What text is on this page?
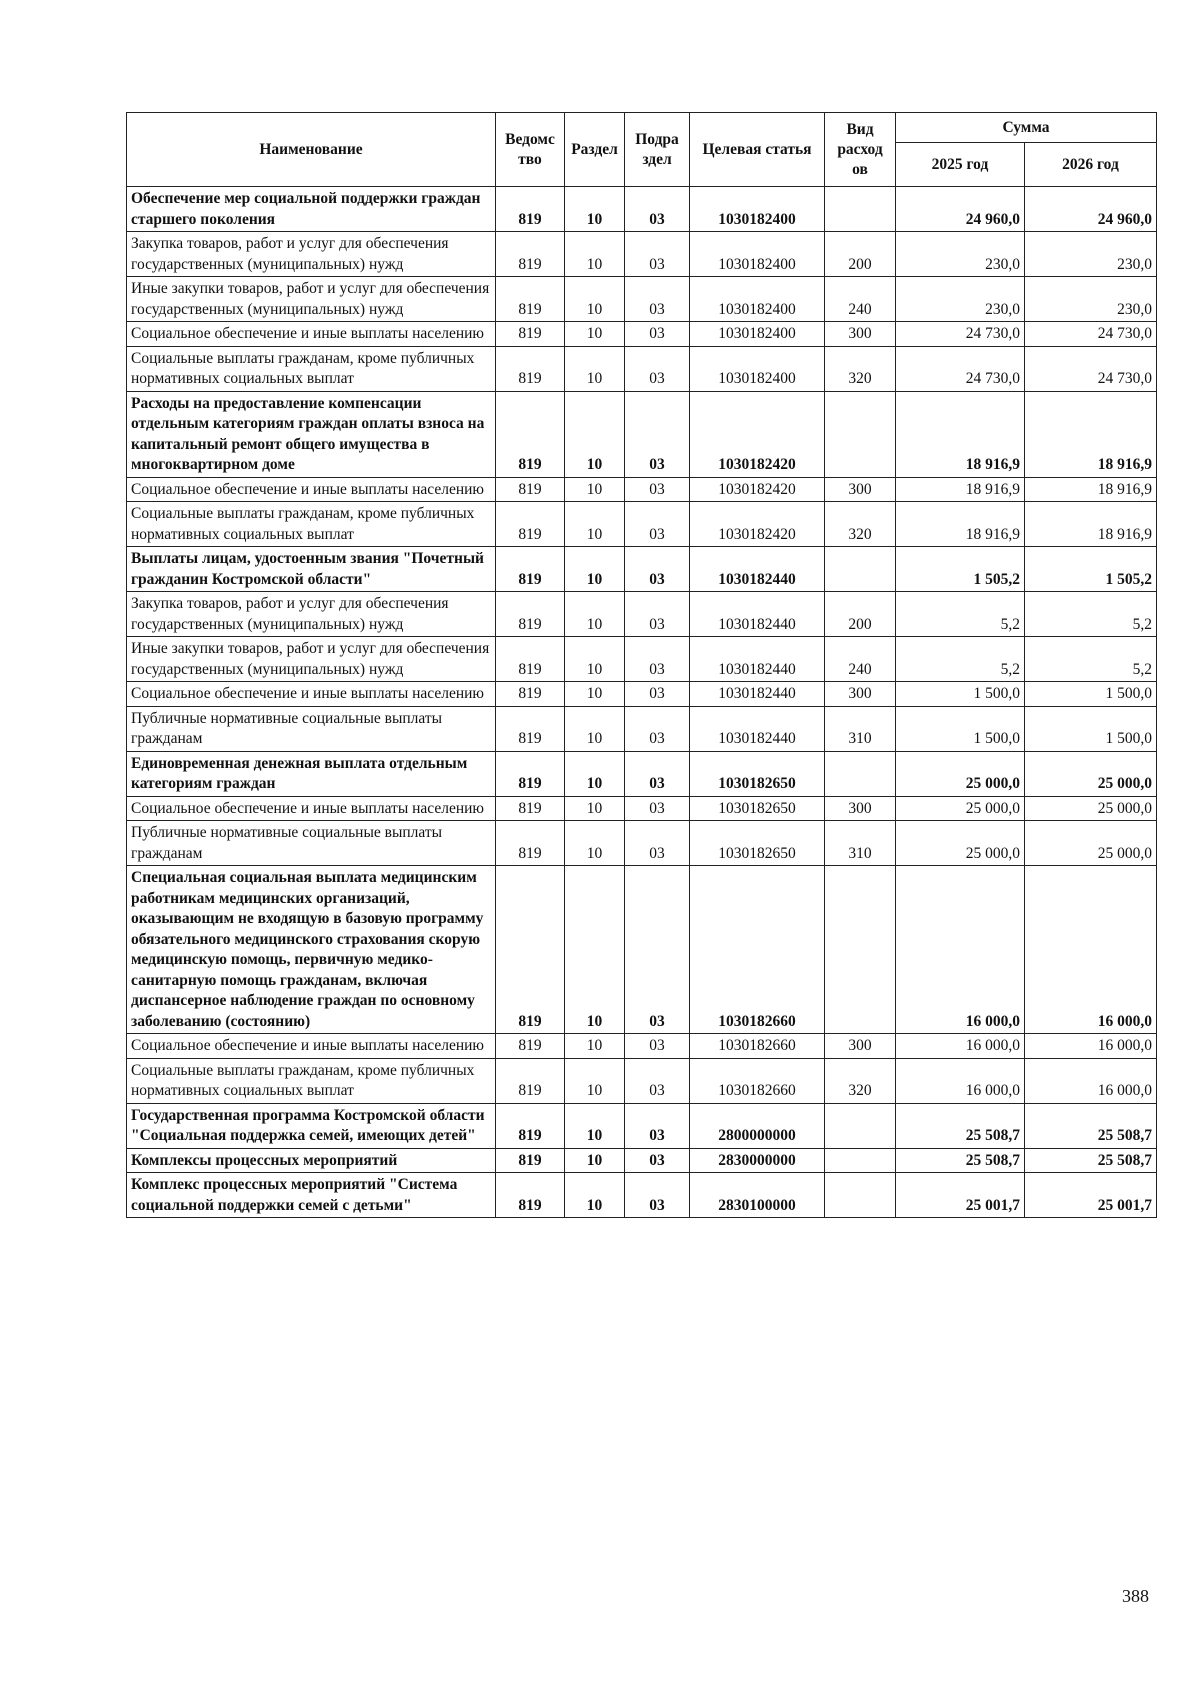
Наименование	Ведомс тво	Раздел	Подра здел	Целевая статья	Вид расход ов	Сумма	
						2025 год	2026 год
Обеспечение мер социальной поддержки граждан старшего поколения	819	10	03	1030182400		24 960,0	24 960,0
Закупка товаров, работ и услуг для обеспечения государственных (муниципальных) нужд	819	10	03	1030182400	200	230,0	230,0
Иные закупки товаров, работ и услуг для обеспечения государственных (муниципальных) нужд	819	10	03	1030182400	240	230,0	230,0
Социальное обеспечение и иные выплаты населению	819	10	03	1030182400	300	24 730,0	24 730,0
Социальные выплаты гражданам, кроме публичных нормативных социальных выплат	819	10	03	1030182400	320	24 730,0	24 730,0
Расходы на предоставление компенсации отдельным категориям граждан оплаты взноса на капитальный ремонт общего имущества в многоквартирном доме	819	10	03	1030182420		18 916,9	18 916,9
Социальное обеспечение и иные выплаты населению	819	10	03	1030182420	300	18 916,9	18 916,9
Социальные выплаты гражданам, кроме публичных нормативных социальных выплат	819	10	03	1030182420	320	18 916,9	18 916,9
Выплаты лицам, удостоенным звания "Почетный гражданин Костромской области"	819	10	03	1030182440		1 505,2	1 505,2
Закупка товаров, работ и услуг для обеспечения государственных (муниципальных) нужд	819	10	03	1030182440	200	5,2	5,2
Иные закупки товаров, работ и услуг для обеспечения государственных (муниципальных) нужд	819	10	03	1030182440	240	5,2	5,2
Социальное обеспечение и иные выплаты населению	819	10	03	1030182440	300	1 500,0	1 500,0
Публичные нормативные социальные выплаты гражданам	819	10	03	1030182440	310	1 500,0	1 500,0
Единовременная денежная выплата отдельным категориям граждан	819	10	03	1030182650		25 000,0	25 000,0
Социальное обеспечение и иные выплаты населению	819	10	03	1030182650	300	25 000,0	25 000,0
Публичные нормативные социальные выплаты гражданам	819	10	03	1030182650	310	25 000,0	25 000,0
Специальная социальная выплата медицинским работникам медицинских организаций, оказывающим не входящую в базовую программу обязательного медицинского страхования скорую медицинскую помощь, первичную медико-санитарную помощь гражданам, включая диспансерное наблюдение граждан по основному заболеванию (состоянию)	819	10	03	1030182660		16 000,0	16 000,0
Социальное обеспечение и иные выплаты населению	819	10	03	1030182660	300	16 000,0	16 000,0
Социальные выплаты гражданам, кроме публичных нормативных социальных выплат	819	10	03	1030182660	320	16 000,0	16 000,0
Государственная программа Костромской области "Социальная поддержка семей, имеющих детей"	819	10	03	2800000000		25 508,7	25 508,7
Комплексы процессных мероприятий	819	10	03	2830000000		25 508,7	25 508,7
Комплекс процессных мероприятий "Система социальной поддержки семей с детьми"	819	10	03	2830100000		25 001,7	25 001,7
388
